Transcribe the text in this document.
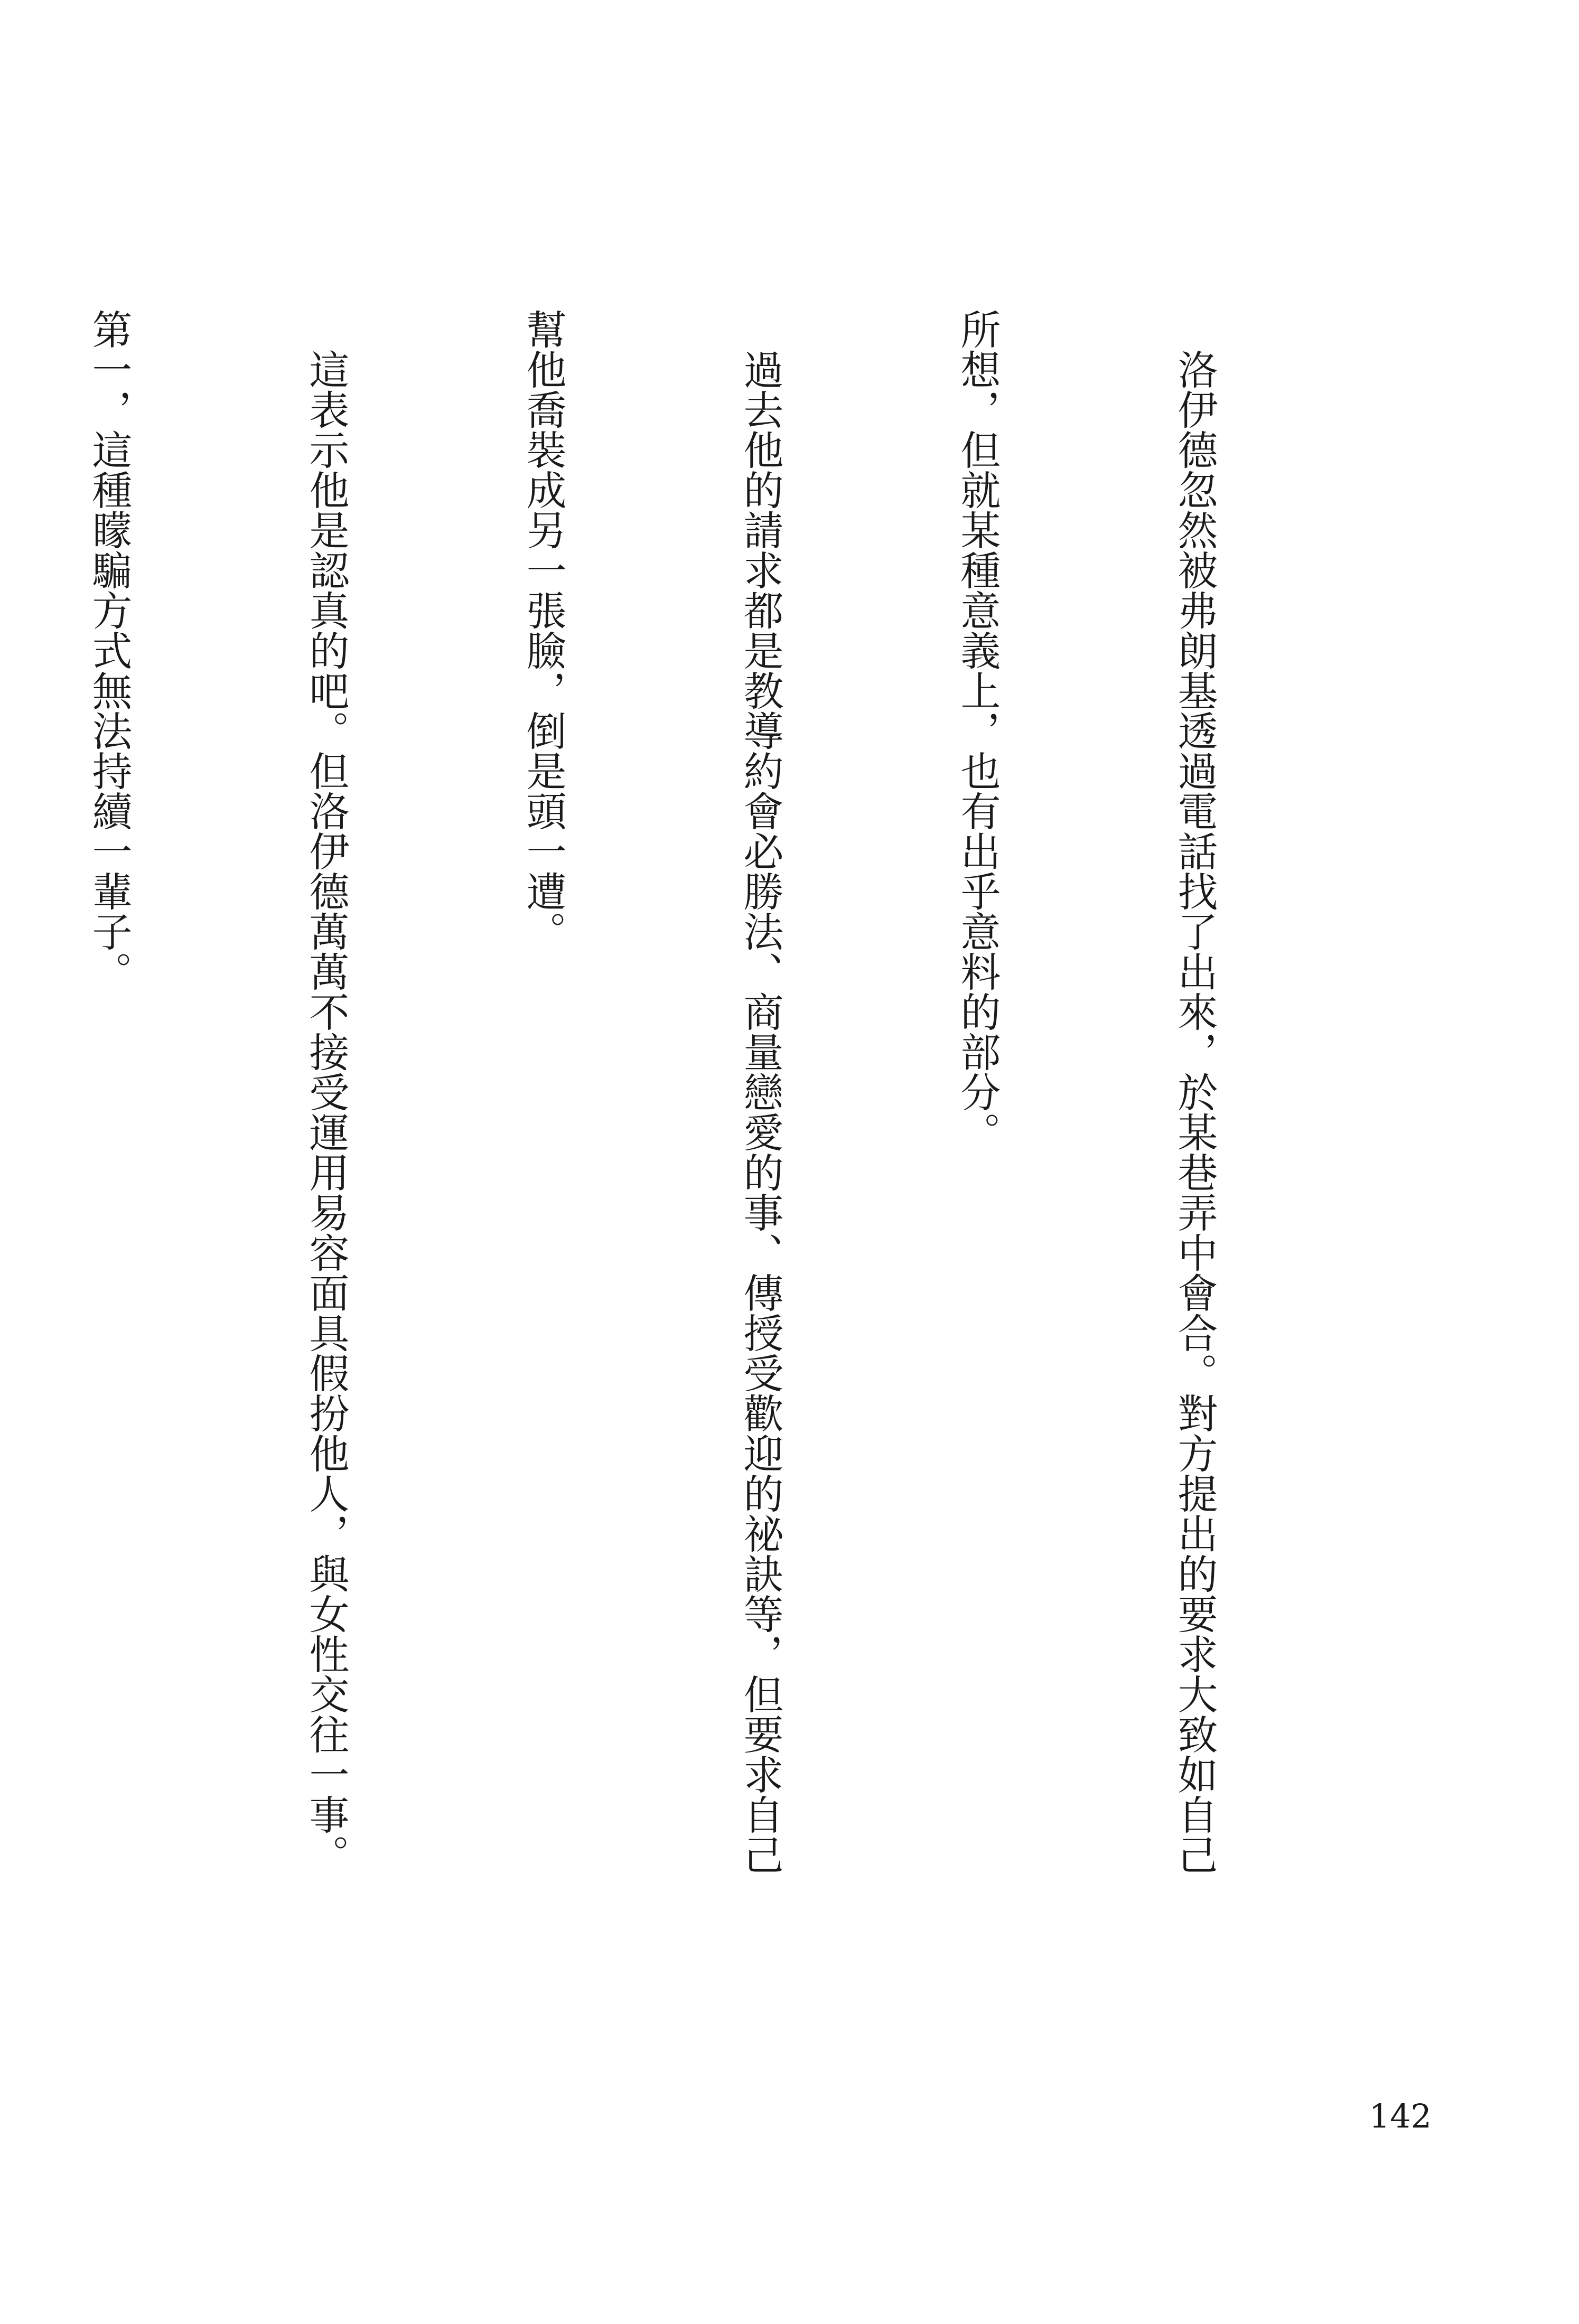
洛伊德忽然被弗朗基透過電話找了出來，於某巷弄中會合。對方提出的要求大致如自己

所想，但就某種意義上，也有出乎意料的部分。

過去他的請求都是教導約會必勝法、商量戀愛的事、傳授受歡迎的祕訣等，但要求自己

幫他喬裝成另一張臉，倒是頭一遭。

這表示他是認真的吧。但洛伊德萬萬不接受運用易容面具假扮他人，與女性交往一事。

第一，這種矇騙方式無法持續一輩子。

142
